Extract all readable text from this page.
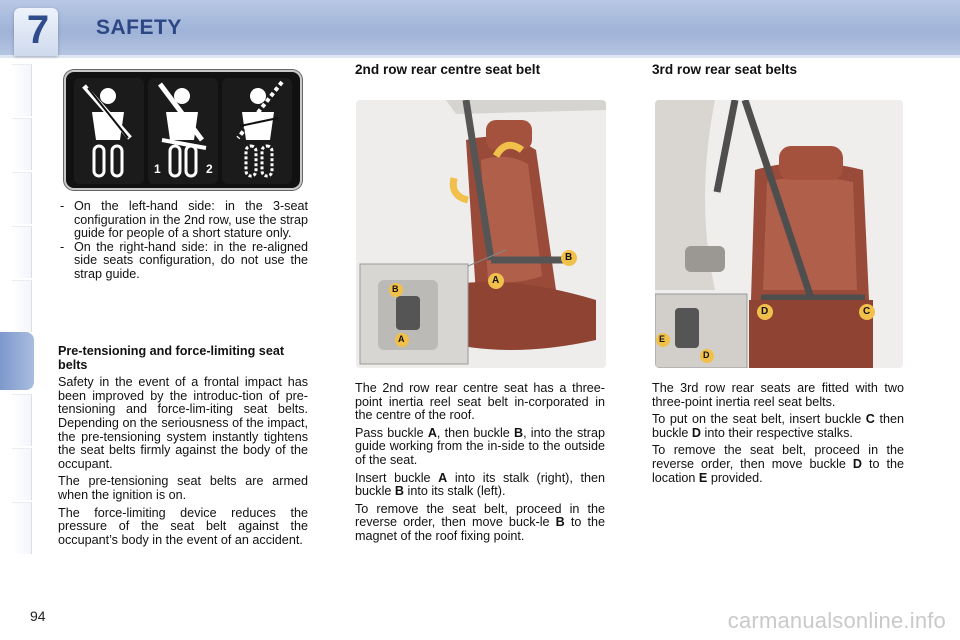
7	SAFETY
1	2
- On the left-hand side: in the 3-seat configuration in the 2nd row, use the strap guide for people of a short stature only.
- On the right-hand side: in the re-aligned side seats configuration, do not use the strap guide.
Pre-tensioning and force-limiting seat belts

Safety in the event of a frontal impact has been improved by the introduc-tion of pre-tensioning and force-lim-iting seat belts. Depending on the seriousness of the impact, the pre-tensioning system instantly tightens the seat belts firmly against the body of the occupant.

The pre-tensioning seat belts are armed when the ignition is on.

The force-limiting device reduces the pressure of the seat belt against the occupant’s body in the event of an accident.

2nd row rear centre seat belt
A
B
B
A

The 2nd row rear centre seat has a three-point inertia reel seat belt in-corporated in the centre of the roof.

Pass buckle A, then buckle B, into the strap guide working from the in-side to the outside of the seat.

Insert buckle A into its stalk (right), then buckle B into its stalk (left).

To remove the seat belt, proceed in the reverse order, then move buck-le B to the magnet of the roof fixing point.

3rd row rear seat belts
D	C
E
D

The 3rd row rear seats are fitted with two three-point inertia reel seat belts.

To put on the seat belt, insert buckle C then buckle D into their respective stalks.

To remove the seat belt, proceed in the reverse order, then move buckle D to the location E provided.

94	carmanualsonline.info
